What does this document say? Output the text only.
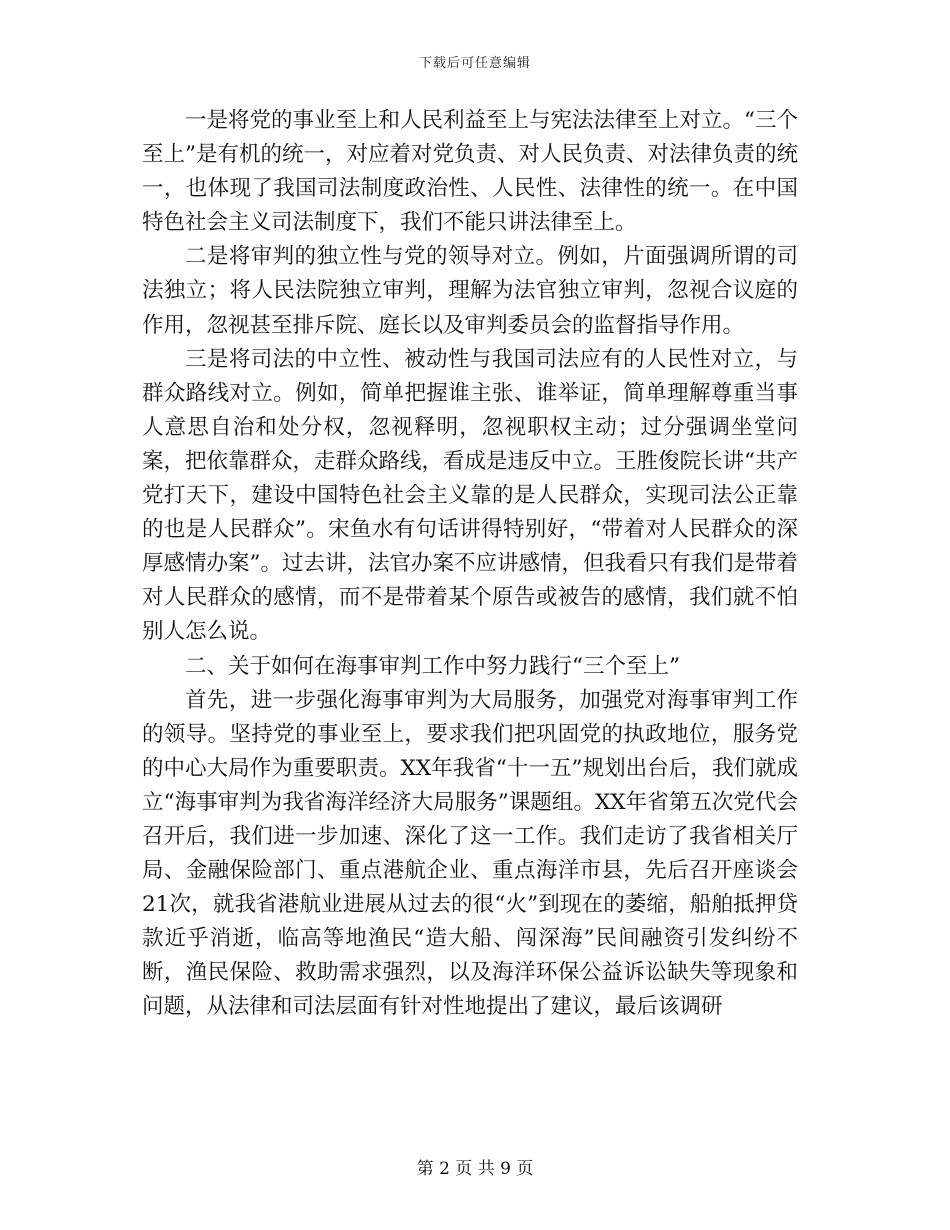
下载后可任意编辑

一是将党的事业至上和人民利益至上与宪法法律至上对立。“三个至上”是有机的统一，对应着对党负责、对人民负责、对法律负责的统一，也体现了我国司法制度政治性、人民性、法律性的统一。在中国特色社会主义司法制度下，我们不能只讲法律至上。

二是将审判的独立性与党的领导对立。例如，片面强调所谓的司法独立；将人民法院独立审判，理解为法官独立审判，忽视合议庭的作用，忽视甚至排斥院、庭长以及审判委员会的监督指导作用。

三是将司法的中立性、被动性与我国司法应有的人民性对立，与群众路线对立。例如，简单把握谁主张、谁举证，简单理解尊重当事人意思自治和处分权，忽视释明，忽视职权主动；过分强调坐堂问案，把依靠群众，走群众路线，看成是违反中立。王胜俊院长讲“共产党打天下，建设中国特色社会主义靠的是人民群众，实现司法公正靠的也是人民群众”。宋鱼水有句话讲得特别好，“带着对人民群众的深厚感情办案”。过去讲，法官办案不应讲感情，但我看只有我们是带着对人民群众的感情，而不是带着某个原告或被告的感情，我们就不怕别人怎么说。

二、关于如何在海事审判工作中努力践行“三个至上”

首先，进一步强化海事审判为大局服务，加强党对海事审判工作的领导。坚持党的事业至上，要求我们把巩固党的执政地位，服务党的中心大局作为重要职责。XX年我省“十一五”规划出台后，我们就成立“海事审判为我省海洋经济大局服务”课题组。XX年省第五次党代会召开后，我们进一步加速、深化了这一工作。我们走访了我省相关厅局、金融保险部门、重点港航企业、重点海洋市县，先后召开座谈会21次，就我省港航业进展从过去的很“火”到现在的萎缩，船舶抵押贷款近乎消逝，临高等地渔民“造大船、闯深海”民间融资引发纠纷不断，渔民保险、救助需求强烈，以及海洋环保公益诉讼缺失等现象和问题，从法律和司法层面有针对性地提出了建议，最后该调研

第 2 页 共 9 页
